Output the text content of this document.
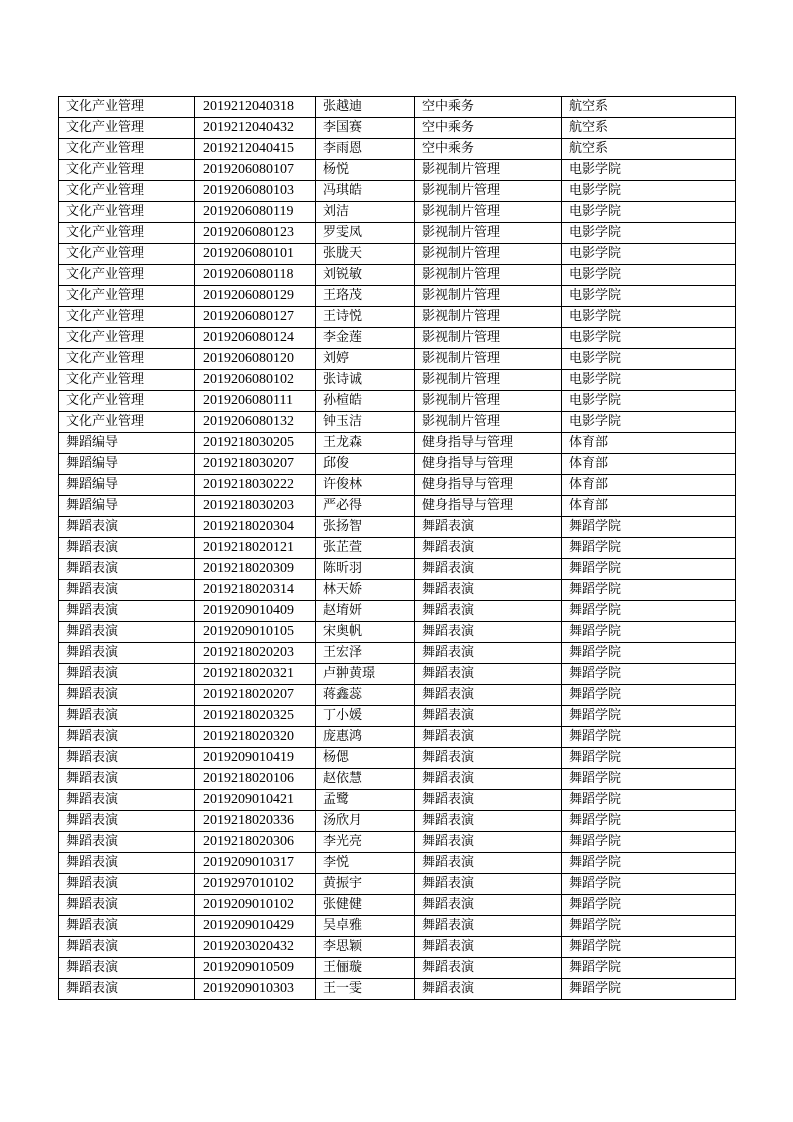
文化产业管理	2019212040318	张越迪	空中乘务	航空系
文化产业管理	2019212040432	李国赛	空中乘务	航空系
文化产业管理	2019212040415	李雨恩	空中乘务	航空系
文化产业管理	2019206080107	杨悦	影视制片管理	电影学院
文化产业管理	2019206080103	冯琪皓	影视制片管理	电影学院
文化产业管理	2019206080119	刘洁	影视制片管理	电影学院
文化产业管理	2019206080123	罗雯凤	影视制片管理	电影学院
文化产业管理	2019206080101	张胧天	影视制片管理	电影学院
文化产业管理	2019206080118	刘锐敏	影视制片管理	电影学院
文化产业管理	2019206080129	王珞茂	影视制片管理	电影学院
文化产业管理	2019206080127	王诗悦	影视制片管理	电影学院
文化产业管理	2019206080124	李金莲	影视制片管理	电影学院
文化产业管理	2019206080120	刘婷	影视制片管理	电影学院
文化产业管理	2019206080102	张诗诚	影视制片管理	电影学院
文化产业管理	2019206080111	孙楦皓	影视制片管理	电影学院
文化产业管理	2019206080132	钟玉洁	影视制片管理	电影学院
舞蹈编导	2019218030205	王龙森	健身指导与管理	体育部
舞蹈编导	2019218030207	邱俊	健身指导与管理	体育部
舞蹈编导	2019218030222	许俊林	健身指导与管理	体育部
舞蹈编导	2019218030203	严必得	健身指导与管理	体育部
舞蹈表演	2019218020304	张扬智	舞蹈表演	舞蹈学院
舞蹈表演	2019218020121	张芷萱	舞蹈表演	舞蹈学院
舞蹈表演	2019218020309	陈昕羽	舞蹈表演	舞蹈学院
舞蹈表演	2019218020314	林天娇	舞蹈表演	舞蹈学院
舞蹈表演	2019209010409	赵堉妍	舞蹈表演	舞蹈学院
舞蹈表演	2019209010105	宋奥帆	舞蹈表演	舞蹈学院
舞蹈表演	2019218020203	王宏泽	舞蹈表演	舞蹈学院
舞蹈表演	2019218020321	卢翀黄璟	舞蹈表演	舞蹈学院
舞蹈表演	2019218020207	蒋鑫蕊	舞蹈表演	舞蹈学院
舞蹈表演	2019218020325	丁小媛	舞蹈表演	舞蹈学院
舞蹈表演	2019218020320	庞惠鸿	舞蹈表演	舞蹈学院
舞蹈表演	2019209010419	杨偲	舞蹈表演	舞蹈学院
舞蹈表演	2019218020106	赵依慧	舞蹈表演	舞蹈学院
舞蹈表演	2019209010421	孟鹭	舞蹈表演	舞蹈学院
舞蹈表演	2019218020336	汤欣月	舞蹈表演	舞蹈学院
舞蹈表演	2019218020306	李光亮	舞蹈表演	舞蹈学院
舞蹈表演	2019209010317	李悦	舞蹈表演	舞蹈学院
舞蹈表演	2019297010102	黄振宇	舞蹈表演	舞蹈学院
舞蹈表演	2019209010102	张健健	舞蹈表演	舞蹈学院
舞蹈表演	2019209010429	吴卓雅	舞蹈表演	舞蹈学院
舞蹈表演	2019203020432	李思颖	舞蹈表演	舞蹈学院
舞蹈表演	2019209010509	王俪璇	舞蹈表演	舞蹈学院
舞蹈表演	2019209010303	王一雯	舞蹈表演	舞蹈学院
